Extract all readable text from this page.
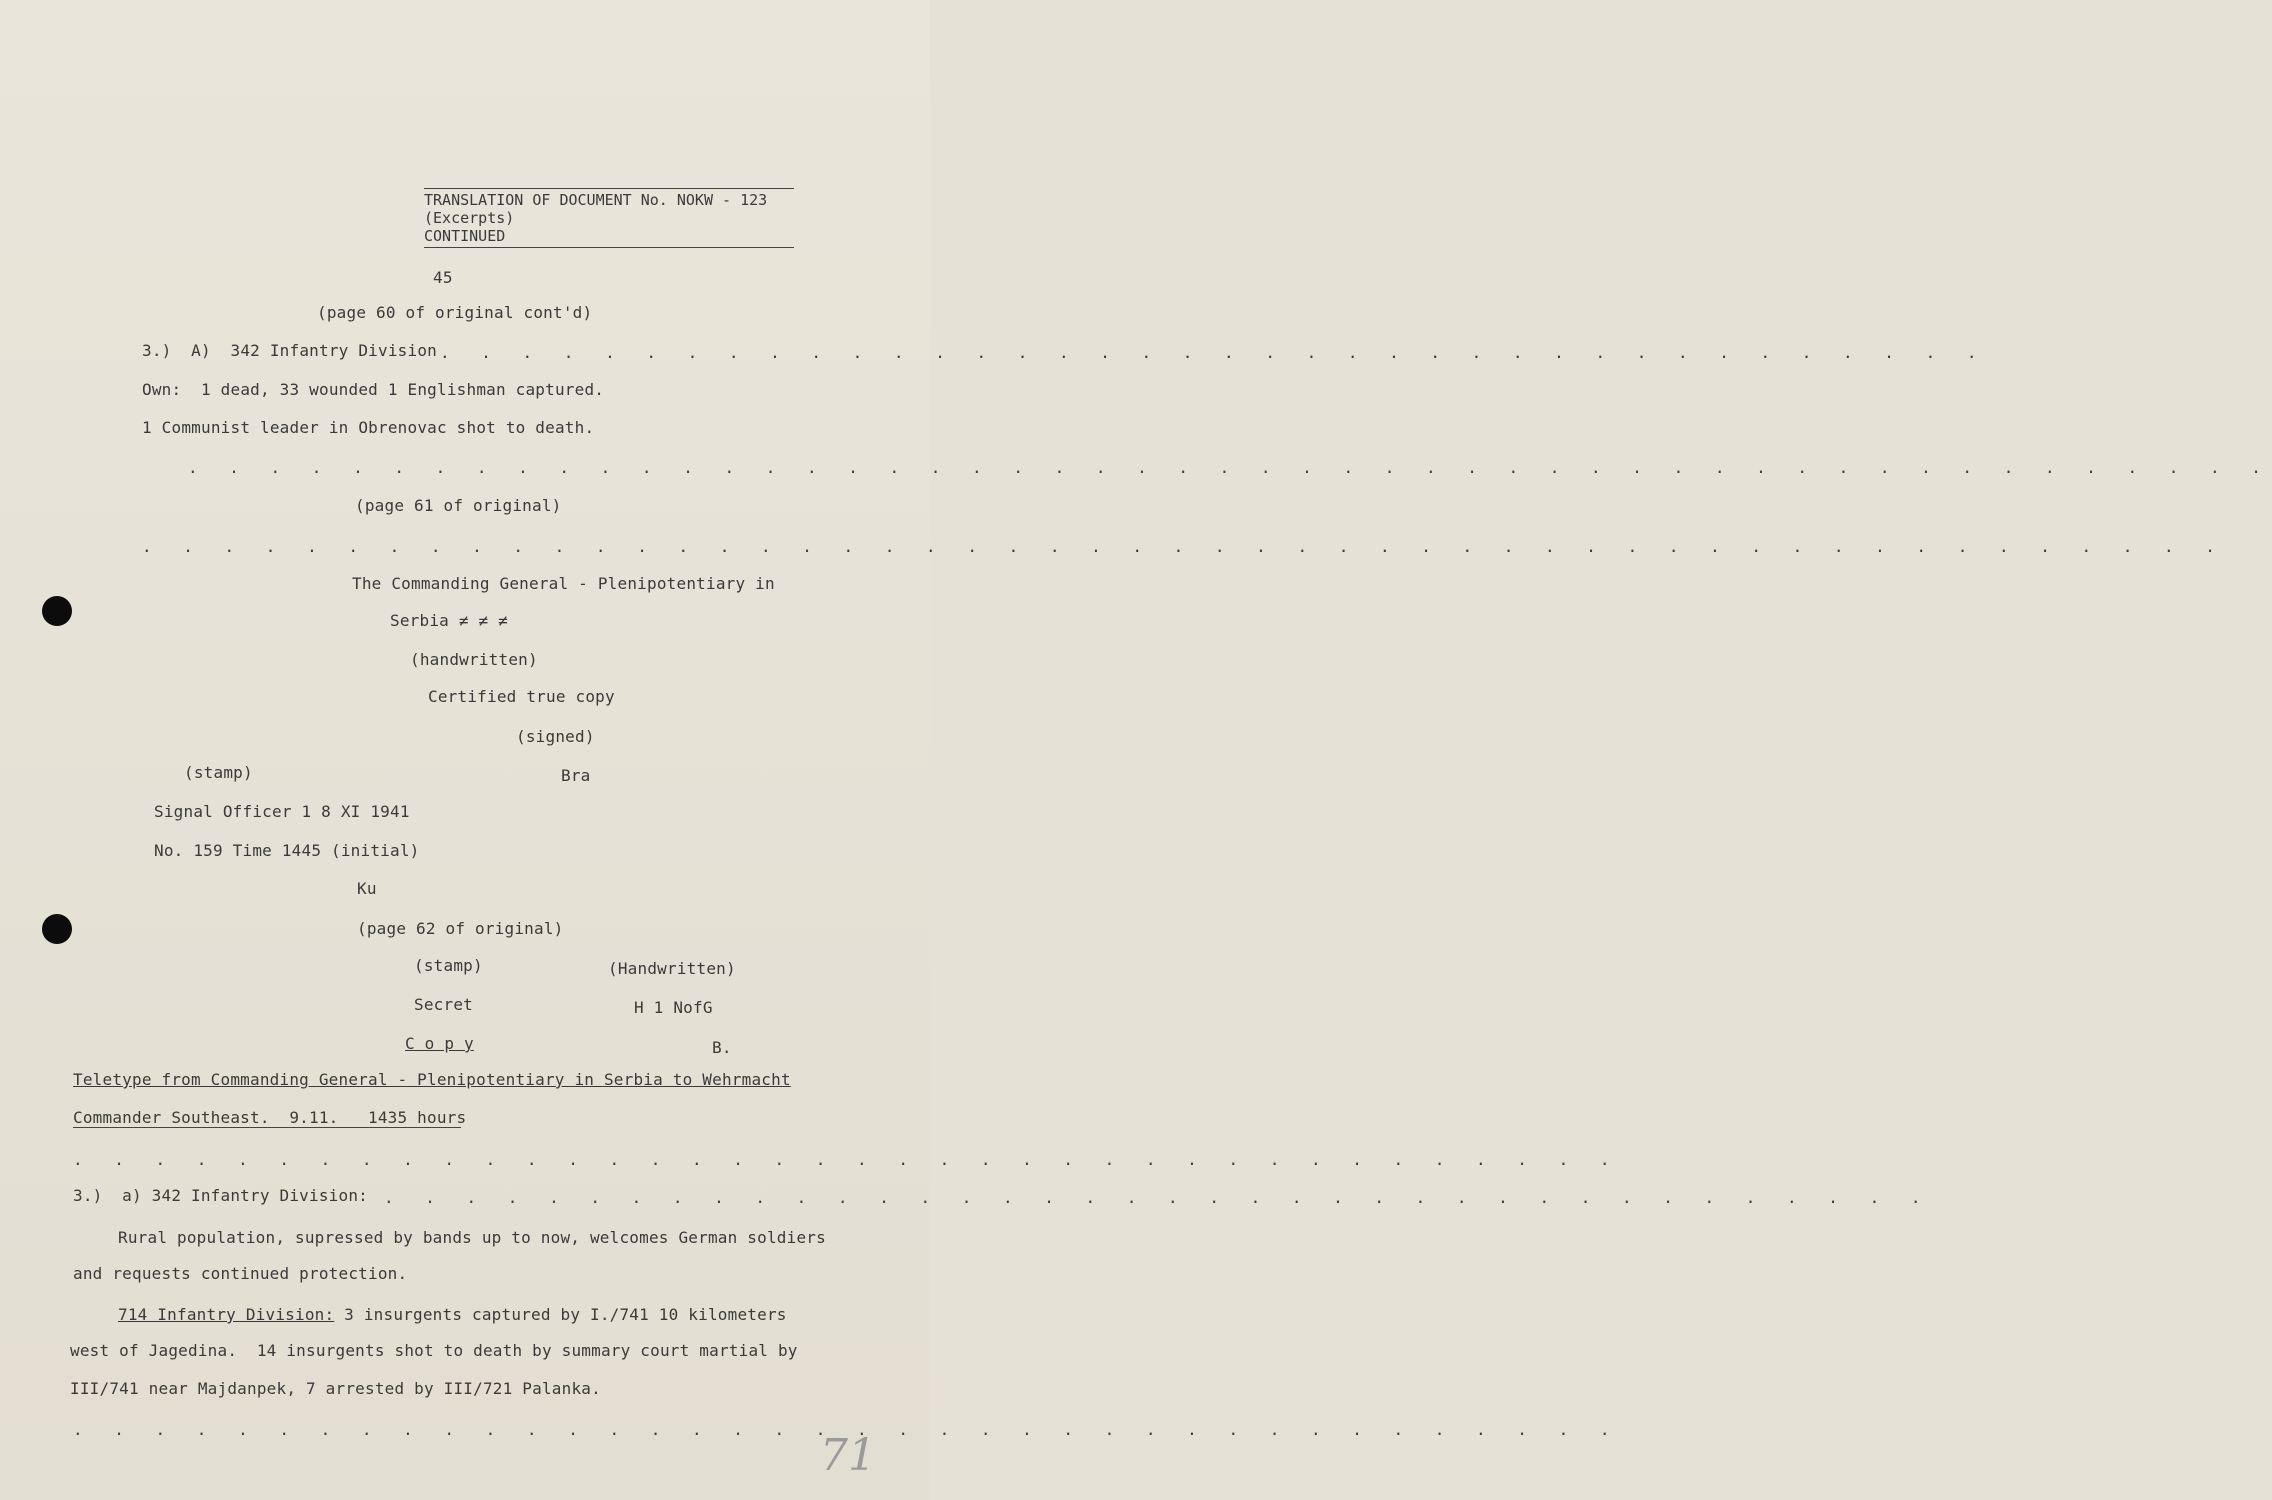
TRANSLATION OF DOCUMENT No. NOKW - 123
(Excerpts)
CONTINUED
45
(page 60 of original cont'd)
3.)  A)  342 Infantry Division . . . . . . . . . . . . . . . . . . . . . . . . . . . . . . . . . . . . . .
Own:  1 dead, 33 wounded 1 Englishman captured.
1 Communist leader in Obrenovac shot to death.
. . . . . . . . . . . . . . . . . . . . . . . . . . . . . . . . . . . . . . . . . . . . . . . . . . .
(page 61 of original)
. . . . . . . . . . . . . . . . . . . . . . . . . . . . . . . . . . . . . . . . . . . . . . . . . . .
The Commanding General - Plenipotentiary in
Serbia ≠ ≠ ≠
(handwritten)
Certified true copy
(signed)
(stamp)	Bra
Signal Officer 1 8 XI 1941
No. 159 Time 1445 (initial)
Ku
(page 62 of original)
(stamp)	(Handwritten)
Secret	H 1 NofG
C o p y	B.
Teletype from Commanding General - Plenipotentiary in Serbia to Wehrmacht
Commander Southeast.  9.11.   1435 hours
. . . . . . . . . . . . . . . . . . . . . . . . . . . . . . . . . . . . . .
3.)  a) 342 Infantry Division: . . . . . . . . . . . . . . . . . . . . . . . . . . . . . . . . . . . . . .
Rural population, supressed by bands up to now, welcomes German soldiers
and requests continued protection.
714 Infantry Division: 3 insurgents captured by I./741 10 kilometers
west of Jagedina.  14 insurgents shot to death by summary court martial by
III/741 near Majdanpek, 7 arrested by III/721 Palanka.
. . . . . . . . . . . . . . . . . . . . . . . . . . . . . . . . . . . . . .
71
